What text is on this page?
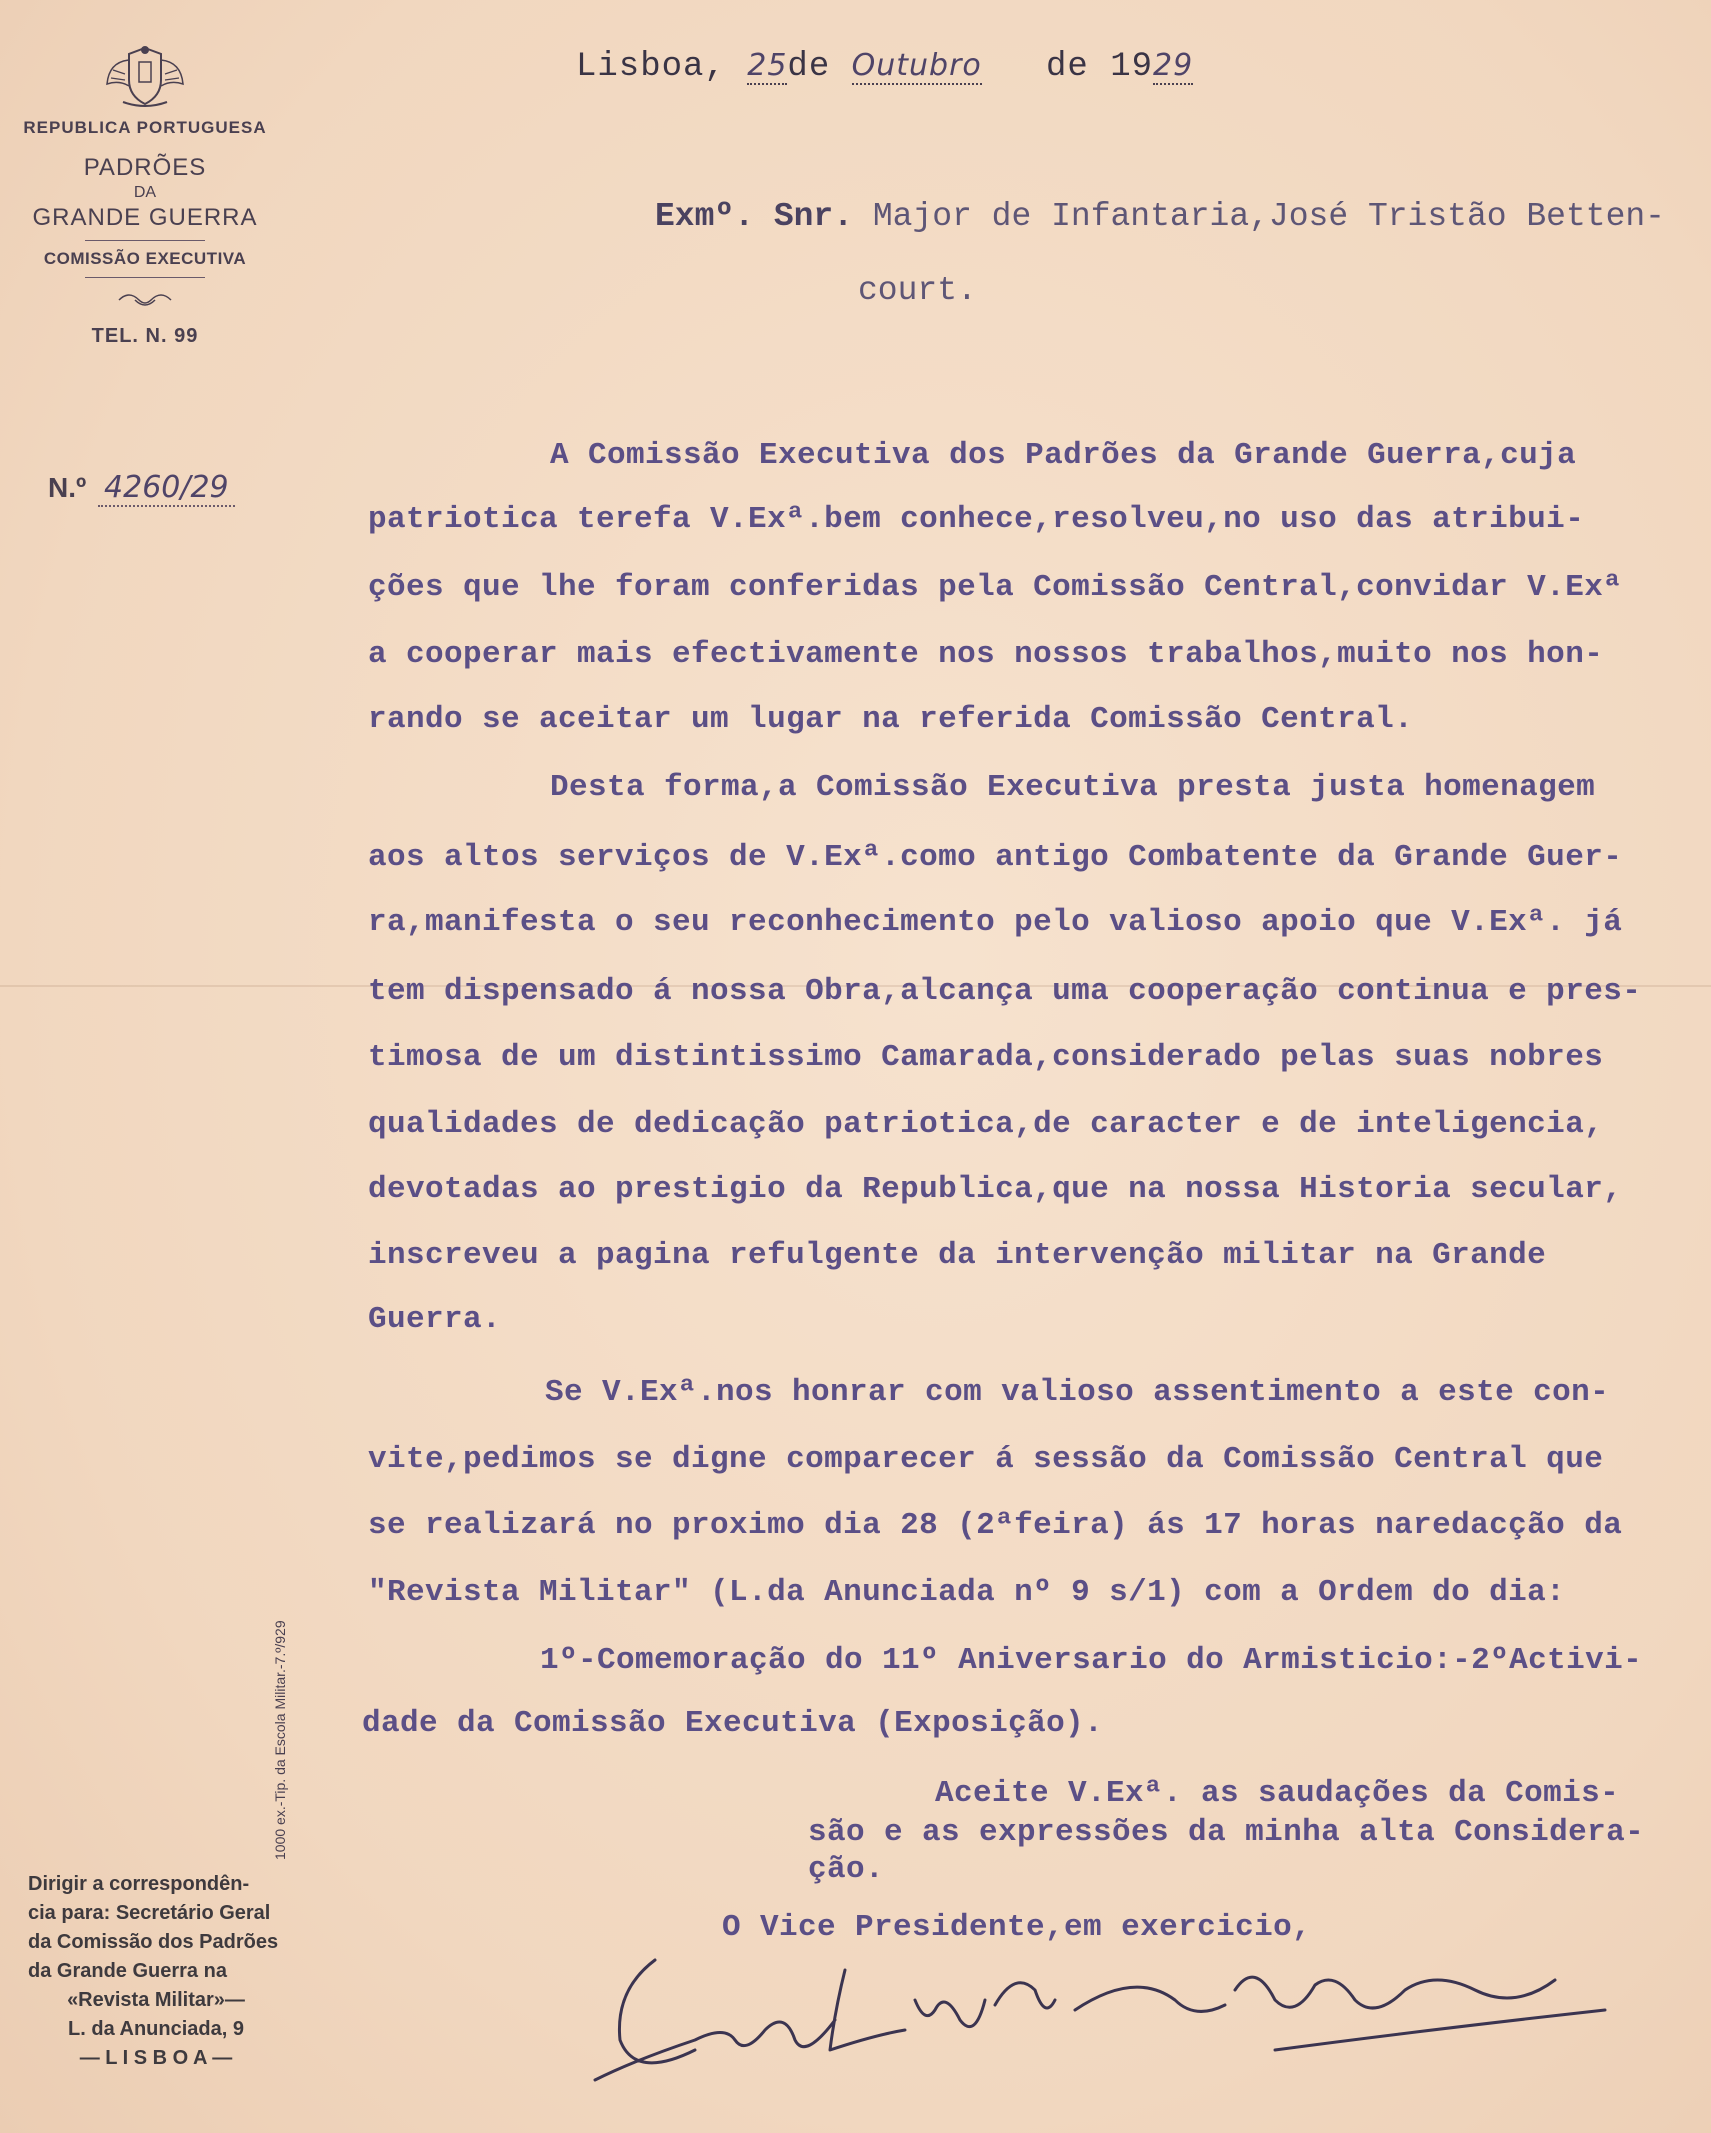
REPUBLICA PORTUGUESA
PADRÕES
DA
GRANDE GUERRA
COMISSÃO EXECUTIVA
TEL. N. 99
N.º 4260/29
Lisboa, 25de Outubro de 1929
Exmº. Snr. Major de Infantaria,José Tristão Betten-
court.
A Comissão Executiva dos Padrões da Grande Guerra,cuja
patriotica terefa V.Exª.bem conhece,resolveu,no uso das atribui-
ções que lhe foram conferidas pela Comissão Central,convidar V.Exª
a cooperar mais efectivamente nos nossos trabalhos,muito nos hon-
rando se aceitar um lugar na referida Comissão Central.
Desta forma,a Comissão Executiva presta justa homenagem
aos altos serviços de V.Exª.como antigo Combatente da Grande Guer-
ra,manifesta o seu reconhecimento pelo valioso apoio que V.Exª. já
tem dispensado á nossa Obra,alcança uma cooperação continua e pres-
timosa de um distintissimo Camarada,considerado pelas suas nobres
qualidades de dedicação patriotica,de caracter e de inteligencia,
devotadas ao prestigio da Republica,que na nossa Historia secular,
inscreveu a pagina refulgente da intervenção militar na Grande
Guerra.
Se V.Exª.nos honrar com valioso assentimento a este con-
vite,pedimos se digne comparecer á sessão da Comissão Central que
se realizará no proximo dia 28 (2ªfeira) ás 17 horas naredacção da
"Revista Militar" (L.da Anunciada nº 9 s/1) com a Ordem do dia:
1º-Comemoração do 11º Aniversario do Armisticio:-2ºActivi-
dade da Comissão Executiva (Exposição).
Aceite V.Exª. as saudações da Comis-
são e as expressões da minha alta Considera-
ção.
O Vice Presidente,em exercicio,
1000 ex.-Tip. da Escola Militar.-7.º/929
Dirigir a correspondên-
cia para: Secretário Geral
da Comissão dos Padrões
da Grande Guerra na
«Revista Militar»—
L. da Anunciada, 9
— L I S B O A —
